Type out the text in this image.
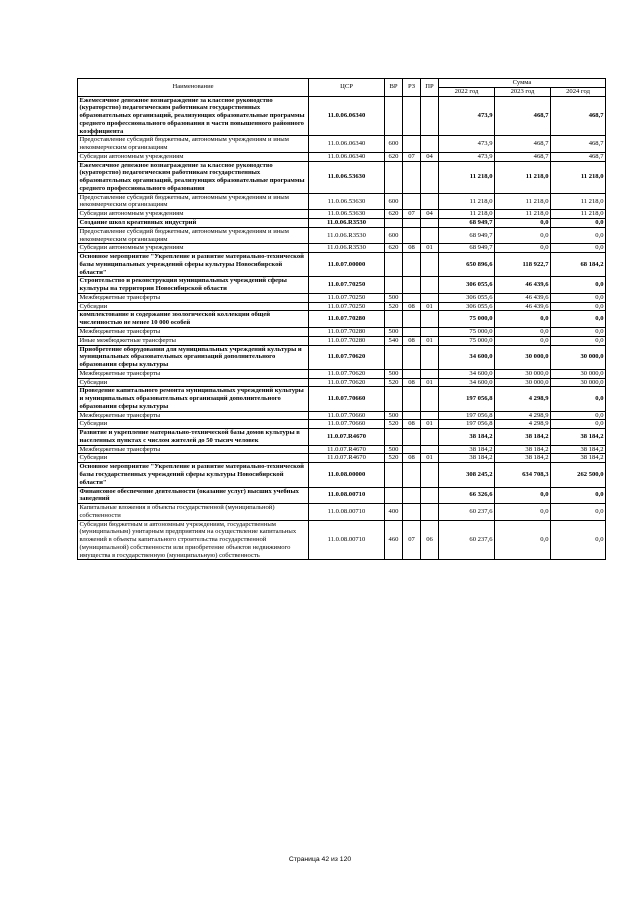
Наименование	ЦСР	ВР	РЗ	ПР	Сумма		
					2022 год	2023 год	2024 год
Ежемесячное денежное вознаграждение за классное руководство (кураторство) педагогическим работникам государственных образовательных организаций, реализующих образовательные программы среднего профессионального образования в части повышенного районного коэффициента	11.0.06.06340				473,9	468,7	468,7
Предоставление субсидий бюджетным, автономным учреждениям и иным некоммерческим организациям	11.0.06.06340	600			473,9	468,7	468,7
Субсидии автономным учреждениям	11.0.06.06340	620	07	04	473,9	468,7	468,7
Ежемесячное денежное вознаграждение за классное руководство (кураторство) педагогическим работникам государственных образовательных организаций, реализующих образовательные программы среднего профессионального образования	11.0.06.53630				11 218,0	11 218,0	11 218,0
Предоставление субсидий бюджетным, автономным учреждениям и иным некоммерческим организациям	11.0.06.53630	600			11 218,0	11 218,0	11 218,0
Субсидии автономным учреждениям	11.0.06.53630	620	07	04	11 218,0	11 218,0	11 218,0
Создание школ креативных индустрий	11.0.06.R3530				68 949,7	0,0	0,0
Предоставление субсидий бюджетным, автономным учреждениям и иным некоммерческим организациям	11.0.06.R3530	600			68 949,7	0,0	0,0
Субсидии автономным учреждениям	11.0.06.R3530	620	08	01	68 949,7	0,0	0,0
Основное мероприятие "Укрепление и развитие материально-технической базы муниципальных учреждений сферы культуры Новосибирской области"	11.0.07.00000				650 896,6	118 922,7	68 184,2
Строительство и реконструкция муниципальных учреждений сферы культуры на территории Новосибирской области	11.0.07.70250				306 055,6	46 439,6	0,0
Межбюджетные трансферты	11.0.07.70250	500			306 055,6	46 439,6	0,0
Субсидии	11.0.07.70250	520	08	01	306 055,6	46 439,6	0,0
комплектование и содержание зоологической коллекции общей численностью не менее 10 000 особей	11.0.07.70280				75 000,0	0,0	0,0
Межбюджетные трансферты	11.0.07.70280	500			75 000,0	0,0	0,0
Иные межбюджетные трансферты	11.0.07.70280	540	08	01	75 000,0	0,0	0,0
Приобретение оборудования для муниципальных учреждений культуры и муниципальных образовательных организаций дополнительного образования сферы культуры	11.0.07.70620				34 600,0	30 000,0	30 000,0
Межбюджетные трансферты	11.0.07.70620	500			34 600,0	30 000,0	30 000,0
Субсидии	11.0.07.70620	520	08	01	34 600,0	30 000,0	30 000,0
Проведение капитального ремонта муниципальных учреждений культуры и муниципальных образовательных организаций дополнительного образования сферы культуры	11.0.07.70660				197 056,8	4 298,9	0,0
Межбюджетные трансферты	11.0.07.70660	500			197 056,8	4 298,9	0,0
Субсидии	11.0.07.70660	520	08	01	197 056,8	4 298,9	0,0
Развитие и укрепление материально-технической базы домов культуры в населенных пунктах с числом жителей до 50 тысяч человек	11.0.07.R4670				38 184,2	38 184,2	38 184,2
Межбюджетные трансферты	11.0.07.R4670	500			38 184,2	38 184,2	38 184,2
Субсидии	11.0.07.R4670	520	08	01	38 184,2	38 184,2	38 184,2
Основное мероприятие "Укрепление и развитие материально-технической базы государственных учреждений сферы культуры Новосибирской области"	11.0.08.00000				308 245,2	634 708,3	262 500,0
Финансовое обеспечение деятельности (оказание услуг) высших учебных заведений	11.0.08.00710				66 326,6	0,0	0,0
Капитальные вложения в объекты государственной (муниципальной) собственности	11.0.08.00710	400			60 237,6	0,0	0,0
Субсидии бюджетным и автономным учреждениям, государственным (муниципальным) унитарным предприятиям на осуществление капитальных вложений в объекты капитального строительства государственной (муниципальной) собственности или приобретение объектов недвижимого имущества в государственную (муниципальную) собственность	11.0.08.00710	460	07	06	60 237,6	0,0	0,0
Страница 42 из 120
